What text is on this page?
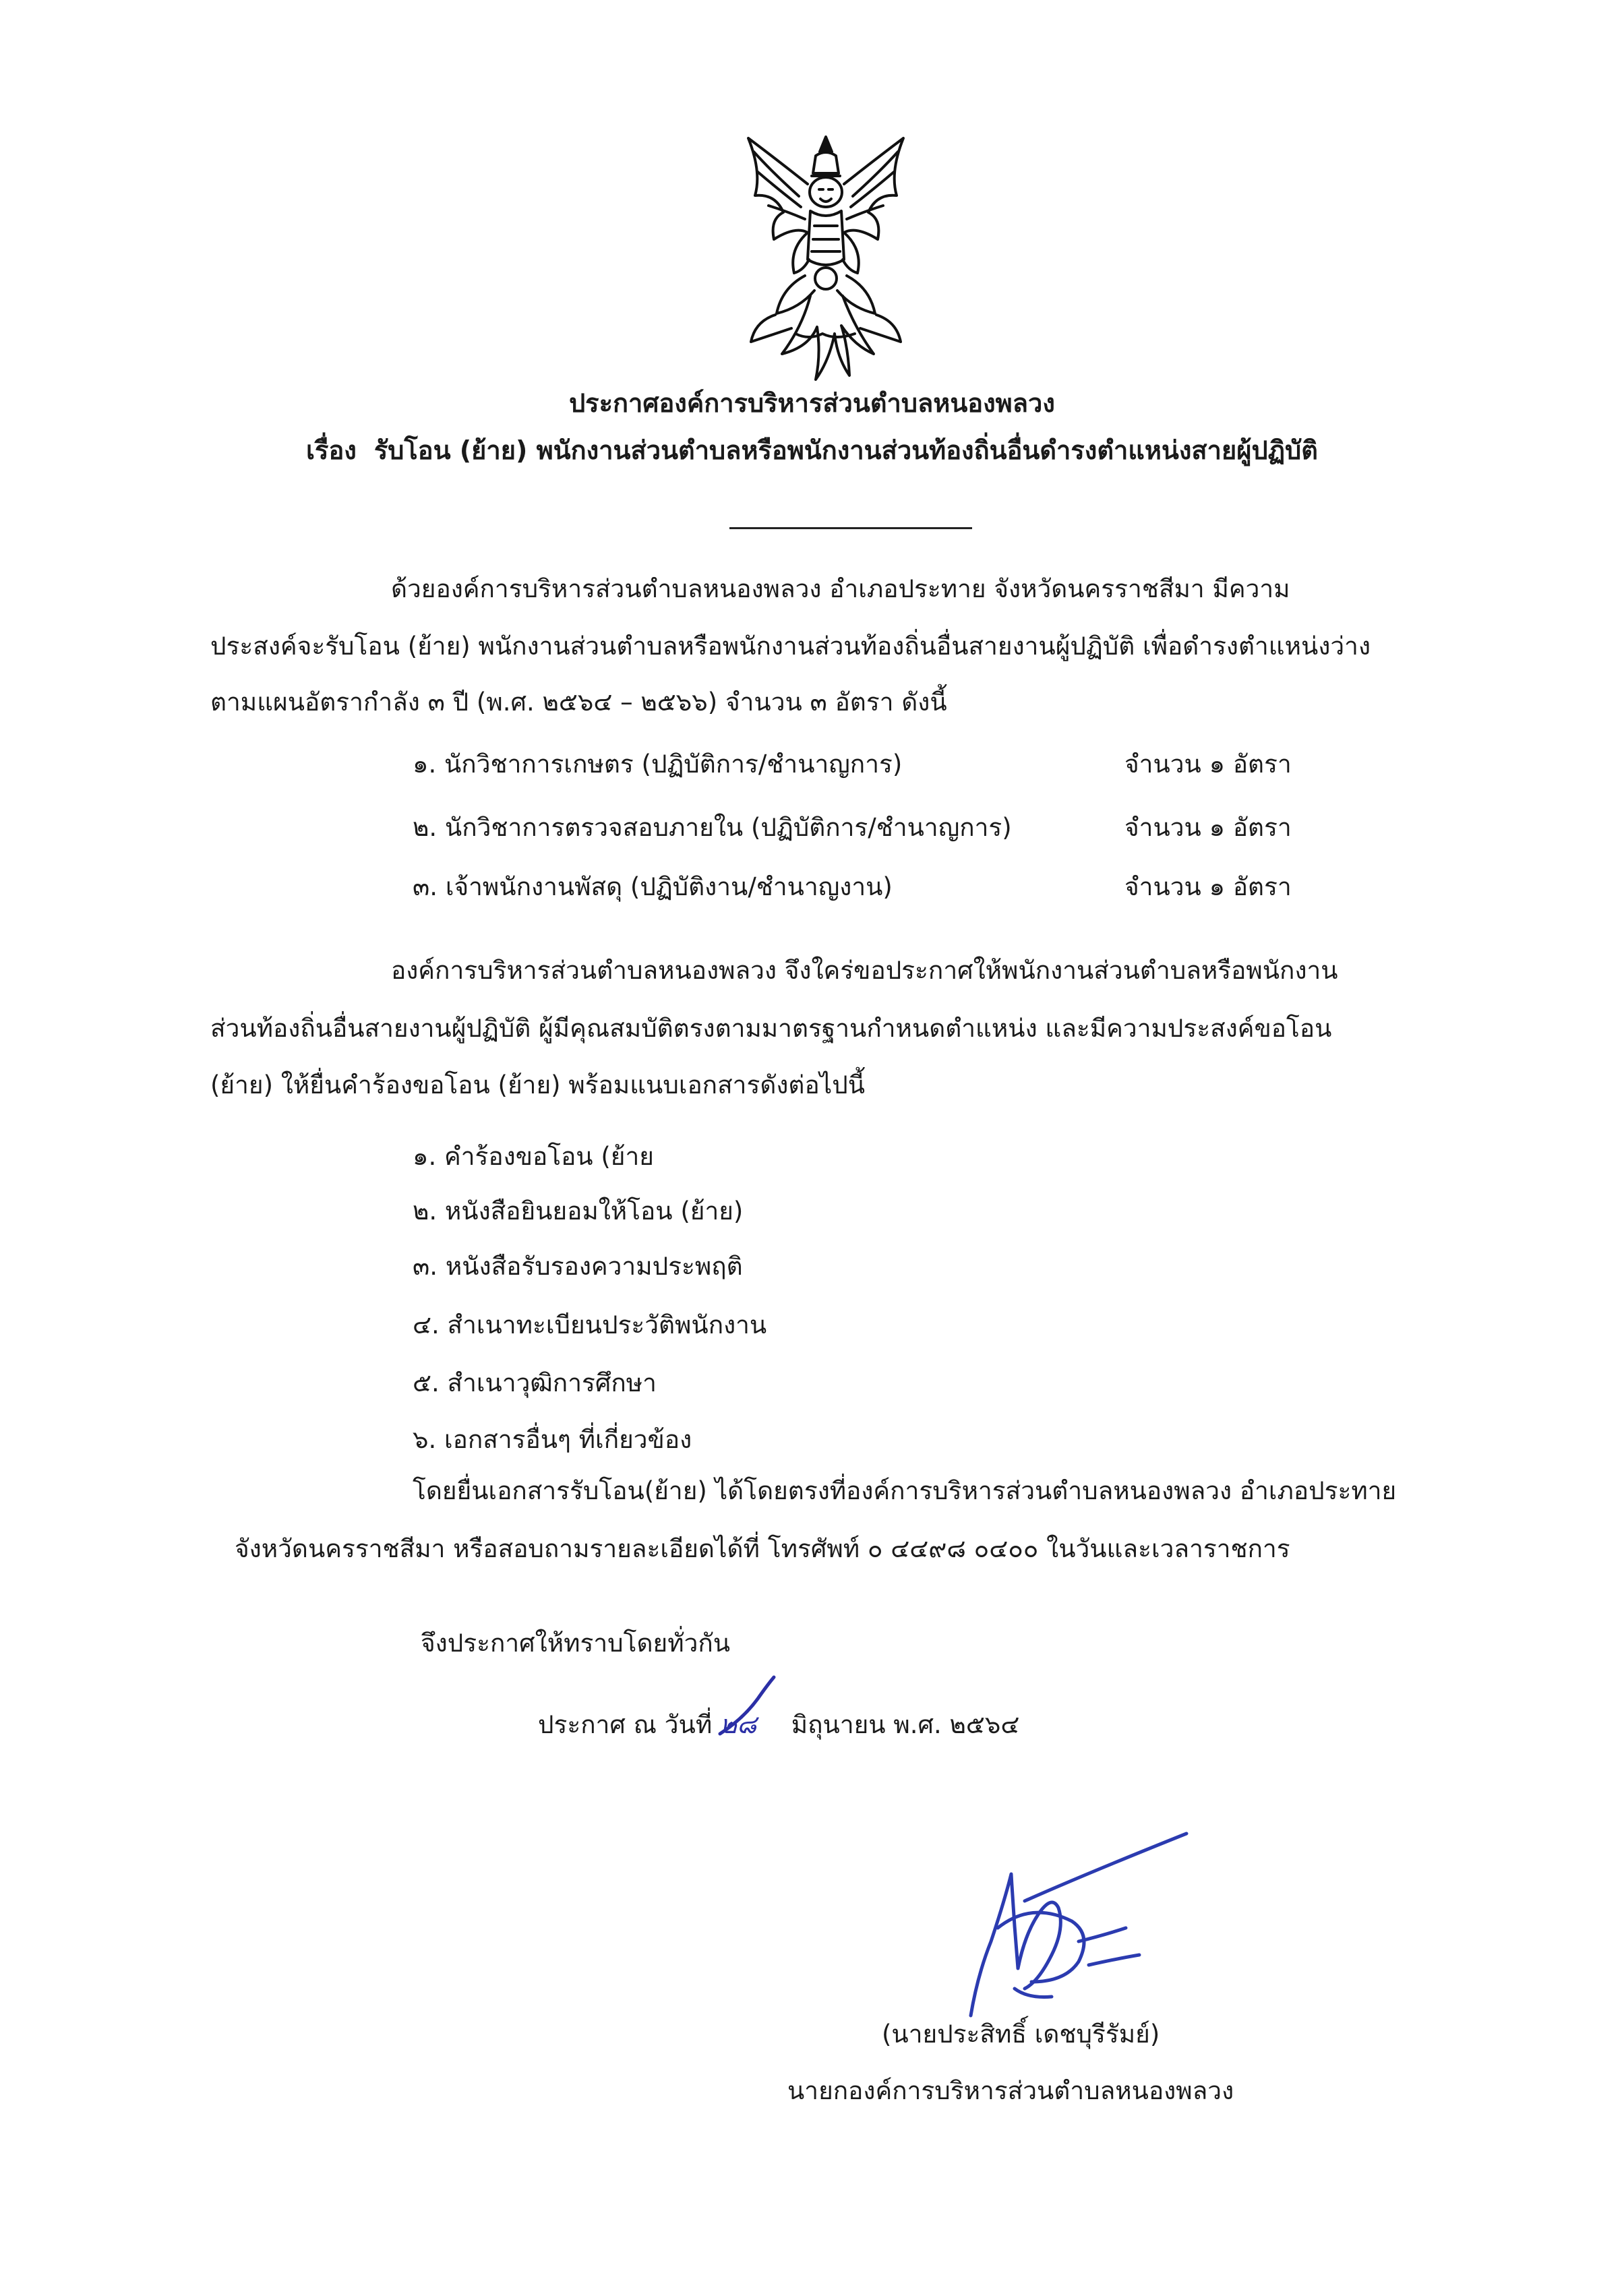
ประกาศองค์การบริหารส่วนตำบลหนองพลวง
เรื่อง รับโอน (ย้าย) พนักงานส่วนตำบลหรือพนักงานส่วนท้องถิ่นอื่นดำรงตำแหน่งสายผู้ปฏิบัติ
ด้วยองค์การบริหารส่วนตำบลหนองพลวง อำเภอประทาย จังหวัดนครราชสีมา มีความ
ประสงค์จะรับโอน (ย้าย) พนักงานส่วนตำบลหรือพนักงานส่วนท้องถิ่นอื่นสายงานผู้ปฏิบัติ เพื่อดำรงตำแหน่งว่าง
ตามแผนอัตรากำลัง ๓ ปี (พ.ศ. ๒๕๖๔ – ๒๕๖๖) จำนวน ๓ อัตรา ดังนี้
๑. นักวิชาการเกษตร (ปฏิบัติการ/ชำนาญการ)	จำนวน ๑ อัตรา
๒. นักวิชาการตรวจสอบภายใน (ปฏิบัติการ/ชำนาญการ)	จำนวน ๑ อัตรา
๓. เจ้าพนักงานพัสดุ (ปฏิบัติงาน/ชำนาญงาน)	จำนวน ๑ อัตรา
องค์การบริหารส่วนตำบลหนองพลวง จึงใคร่ขอประกาศให้พนักงานส่วนตำบลหรือพนักงาน
ส่วนท้องถิ่นอื่นสายงานผู้ปฏิบัติ ผู้มีคุณสมบัติตรงตามมาตรฐานกำหนดตำแหน่ง และมีความประสงค์ขอโอน
(ย้าย) ให้ยื่นคำร้องขอโอน (ย้าย) พร้อมแนบเอกสารดังต่อไปนี้
๑. คำร้องขอโอน (ย้าย
๒. หนังสือยินยอมให้โอน (ย้าย)
๓. หนังสือรับรองความประพฤติ
๔. สำเนาทะเบียนประวัติพนักงาน
๕. สำเนาวุฒิการศึกษา
๖. เอกสารอื่นๆ ที่เกี่ยวข้อง
โดยยื่นเอกสารรับโอน(ย้าย) ได้โดยตรงที่องค์การบริหารส่วนตำบลหนองพลวง อำเภอประทาย
จังหวัดนครราชสีมา หรือสอบถามรายละเอียดได้ที่ โทรศัพท์ ๐ ๔๔๙๘ ๐๔๐๐ ในวันและเวลาราชการ
จึงประกาศให้ทราบโดยทั่วกัน
ประกาศ ณ วันที่ ๒๘ มิถุนายน พ.ศ. ๒๕๖๔
(นายประสิทธิ์ เดชบุรีรัมย์)
นายกองค์การบริหารส่วนตำบลหนองพลวง
